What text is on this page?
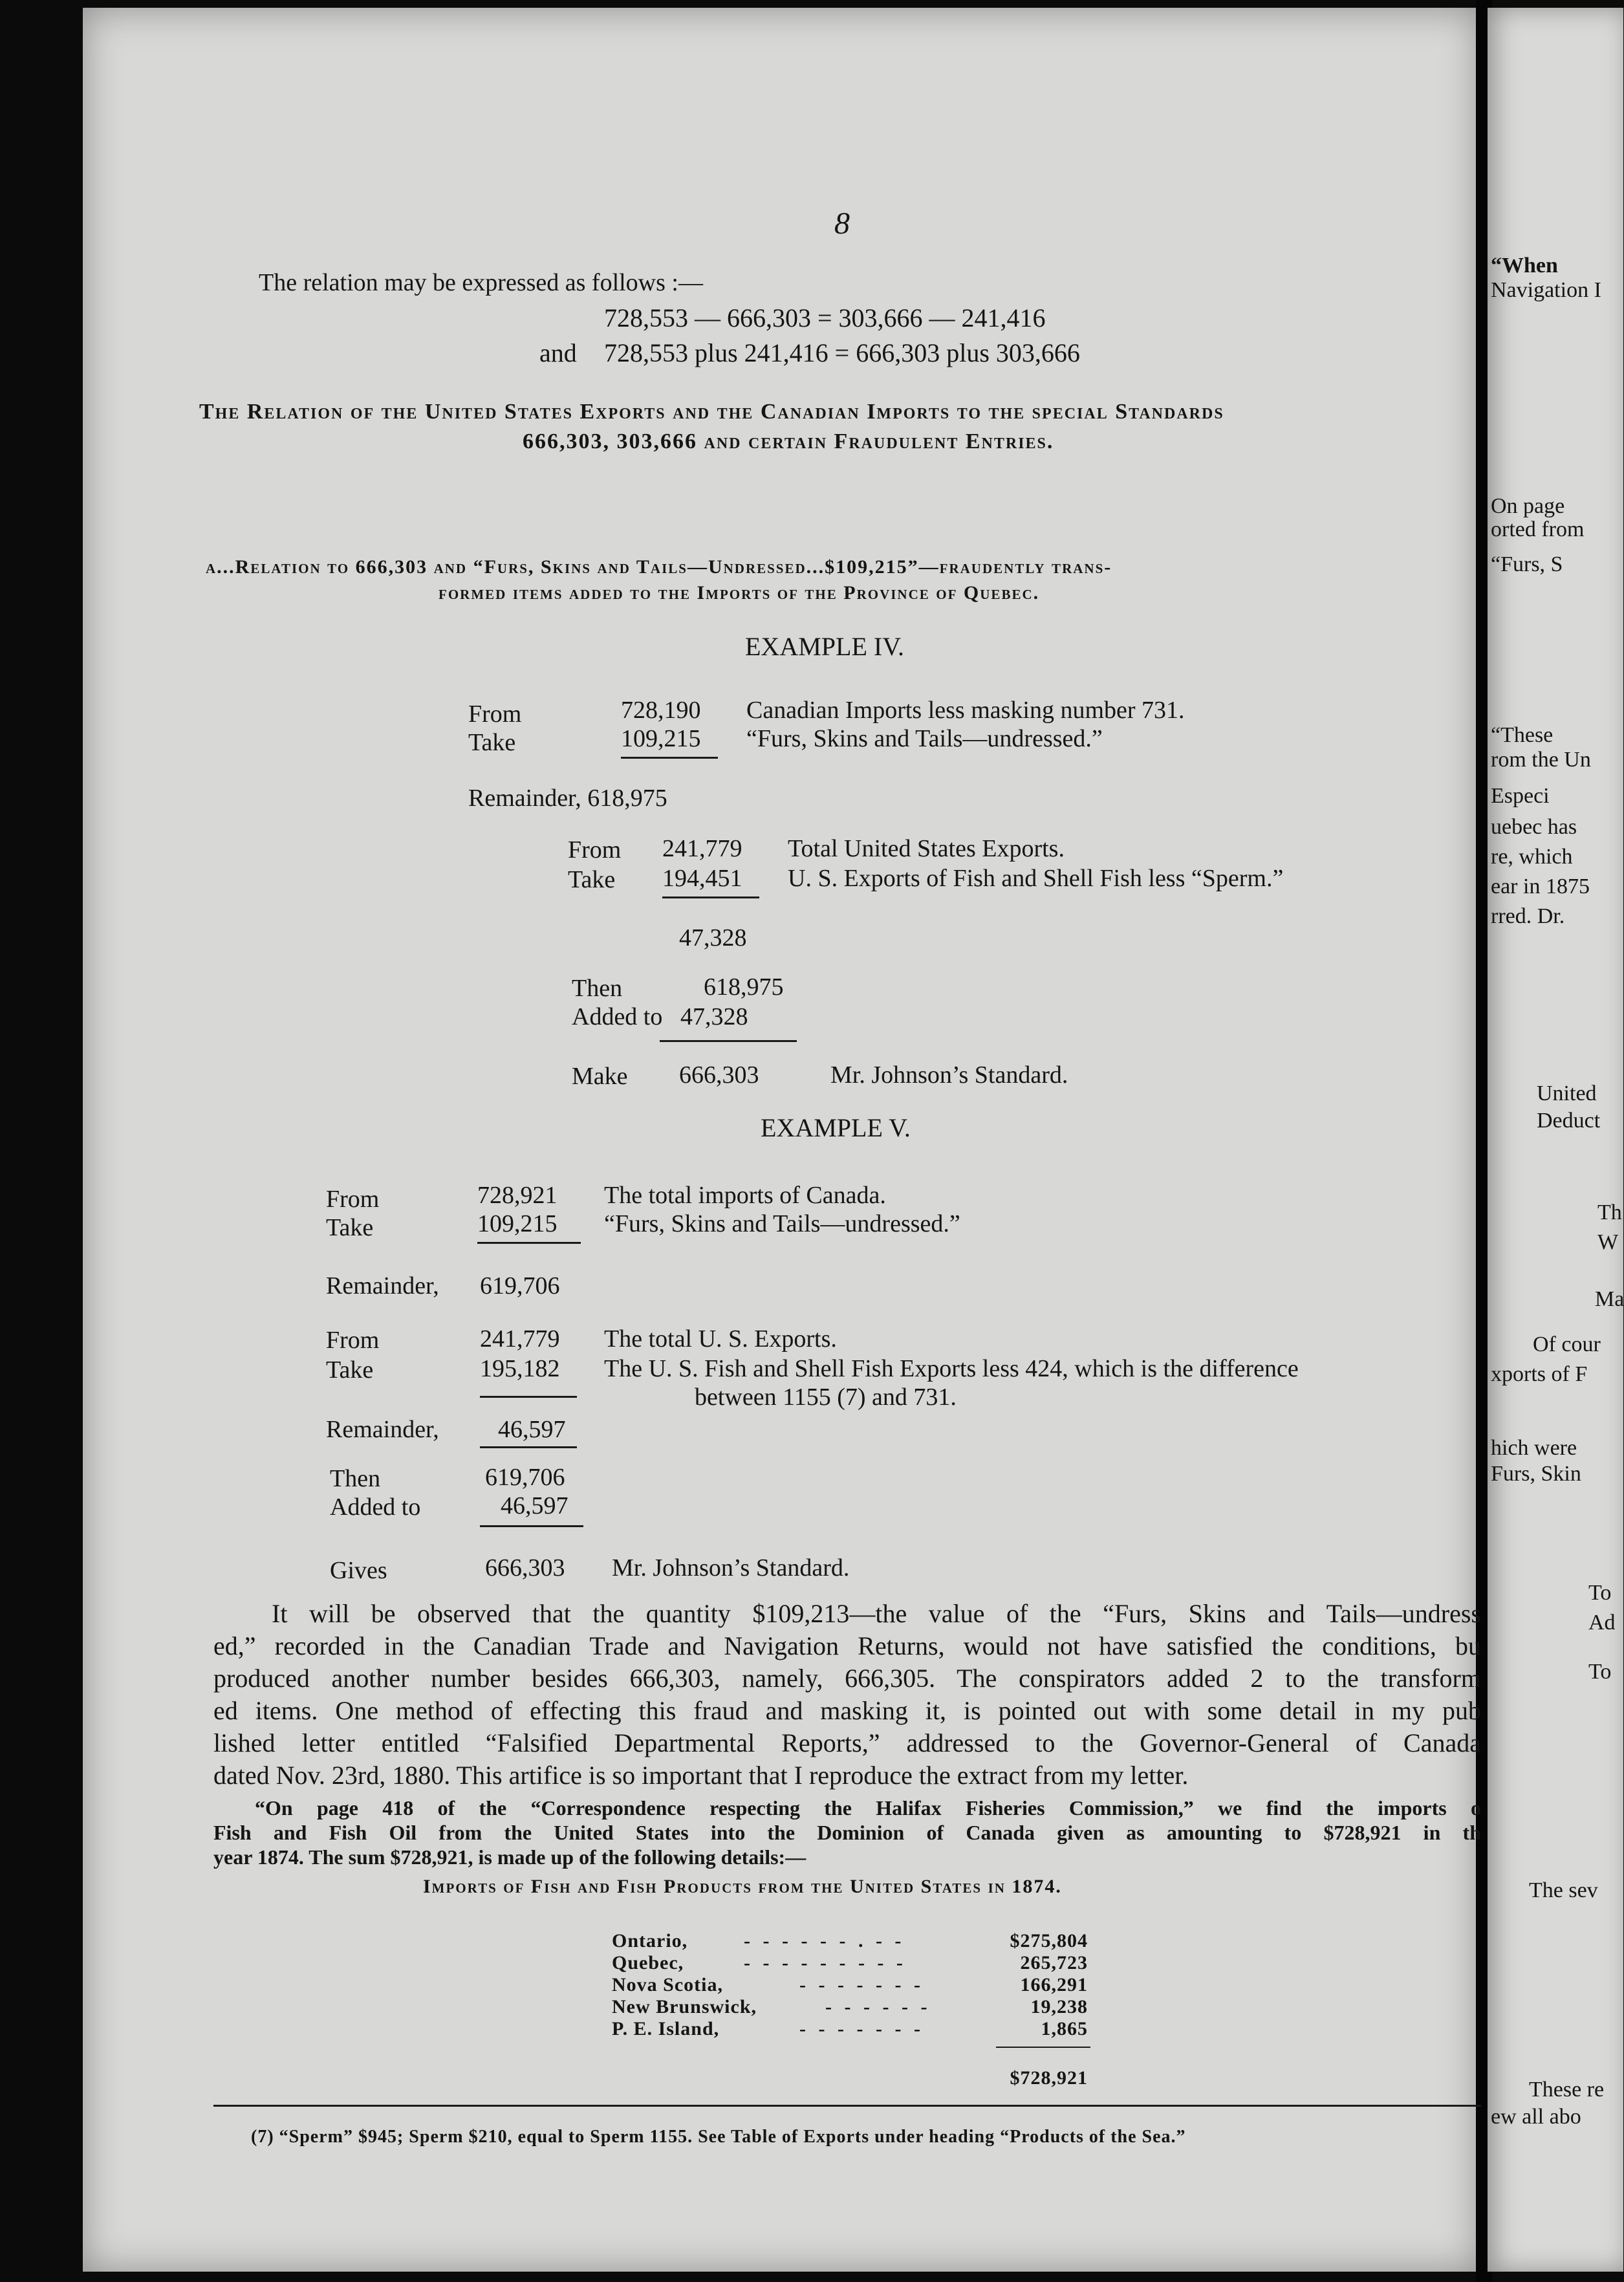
8
The relation may be expressed as follows :—
728,553 — 666,303 = 303,666 — 241,416
and 728,553 plus 241,416 = 666,303 plus 303,666
The Relation of the United States Exports and the Canadian Imports to the special Standards
666,303, 303,666 and certain Fraudulent Entries.
a...Relation to 666,303 and “Furs, Skins and Tails—Undressed...$109,215”—fraudently trans-
formed items added to the Imports of the Province of Quebec.
EXAMPLE IV.
From	728,190 Canadian Imports less masking number 731.
Take	109,215 “Furs, Skins and Tails—undressed.”
Remainder, 618,975
From 241,779 Total United States Exports.
Take 194,451 U. S. Exports of Fish and Shell Fish less “Sperm.”
47,328
Then	618,975
Added to 47,328
Make 666,303	Mr. Johnson’s Standard.
EXAMPLE V.
From	728,921 The total imports of Canada.
Take	109,215 “Furs, Skins and Tails—undressed.”
Remainder, 619,706
From	241,779 The total U. S. Exports.
Take	195,182 The U. S. Fish and Shell Fish Exports less 424, which is the difference
between 1155 (7) and 731.
Remainder, 46,597
Then	619,706
Added to	46,597
Gives	666,303 Mr. Johnson’s Standard.
It will be observed that the quantity $109,213—the value of the “Furs, Skins and Tails—undress
ed,” recorded in the Canadian Trade and Navigation Returns, would not have satisfied the conditions, bu
produced another number besides 666,303, namely, 666,305. The conspirators added 2 to the transform
ed items. One method of effecting this fraud and masking it, is pointed out with some detail in my pub
lished letter entitled “Falsified Departmental Reports,” addressed to the Governor-General of Canada
dated Nov. 23rd, 1880. This artifice is so important that I reproduce the extract from my letter.
“On page 418 of the “Correspondence respecting the Halifax Fisheries Commission,” we find the imports o
Fish and Fish Oil from the United States into the Dominion of Canada given as amounting to $728,921 in th
year 1874. The sum $728,921, is made up of the following details:—
Imports of Fish and Fish Products from the United States in 1874.
Ontario,	- - - - - - . - -	$275,804
Quebec,	- - - - - - - - -	265,723
Nova Scotia,	- - - - - - -	166,291
New Brunswick,	- - - - - -	19,238
P. E. Island,	- - - - - - -	1,865
$728,921
(7) “Sperm” $945; Sperm $210, equal to Sperm 1155. See Table of Exports under heading “Products of the Sea.”
“When
Navigation I
On page
orted from
“Furs, S
“These
rom the Un
Especi
uebec has
re, which
ear in 1875
rred. Dr.
United
Deduct
Th
W
Ma
Of cour
xports of F
hich were
Furs, Skin
To
Ad
To
The sev
These re
ew all abo
